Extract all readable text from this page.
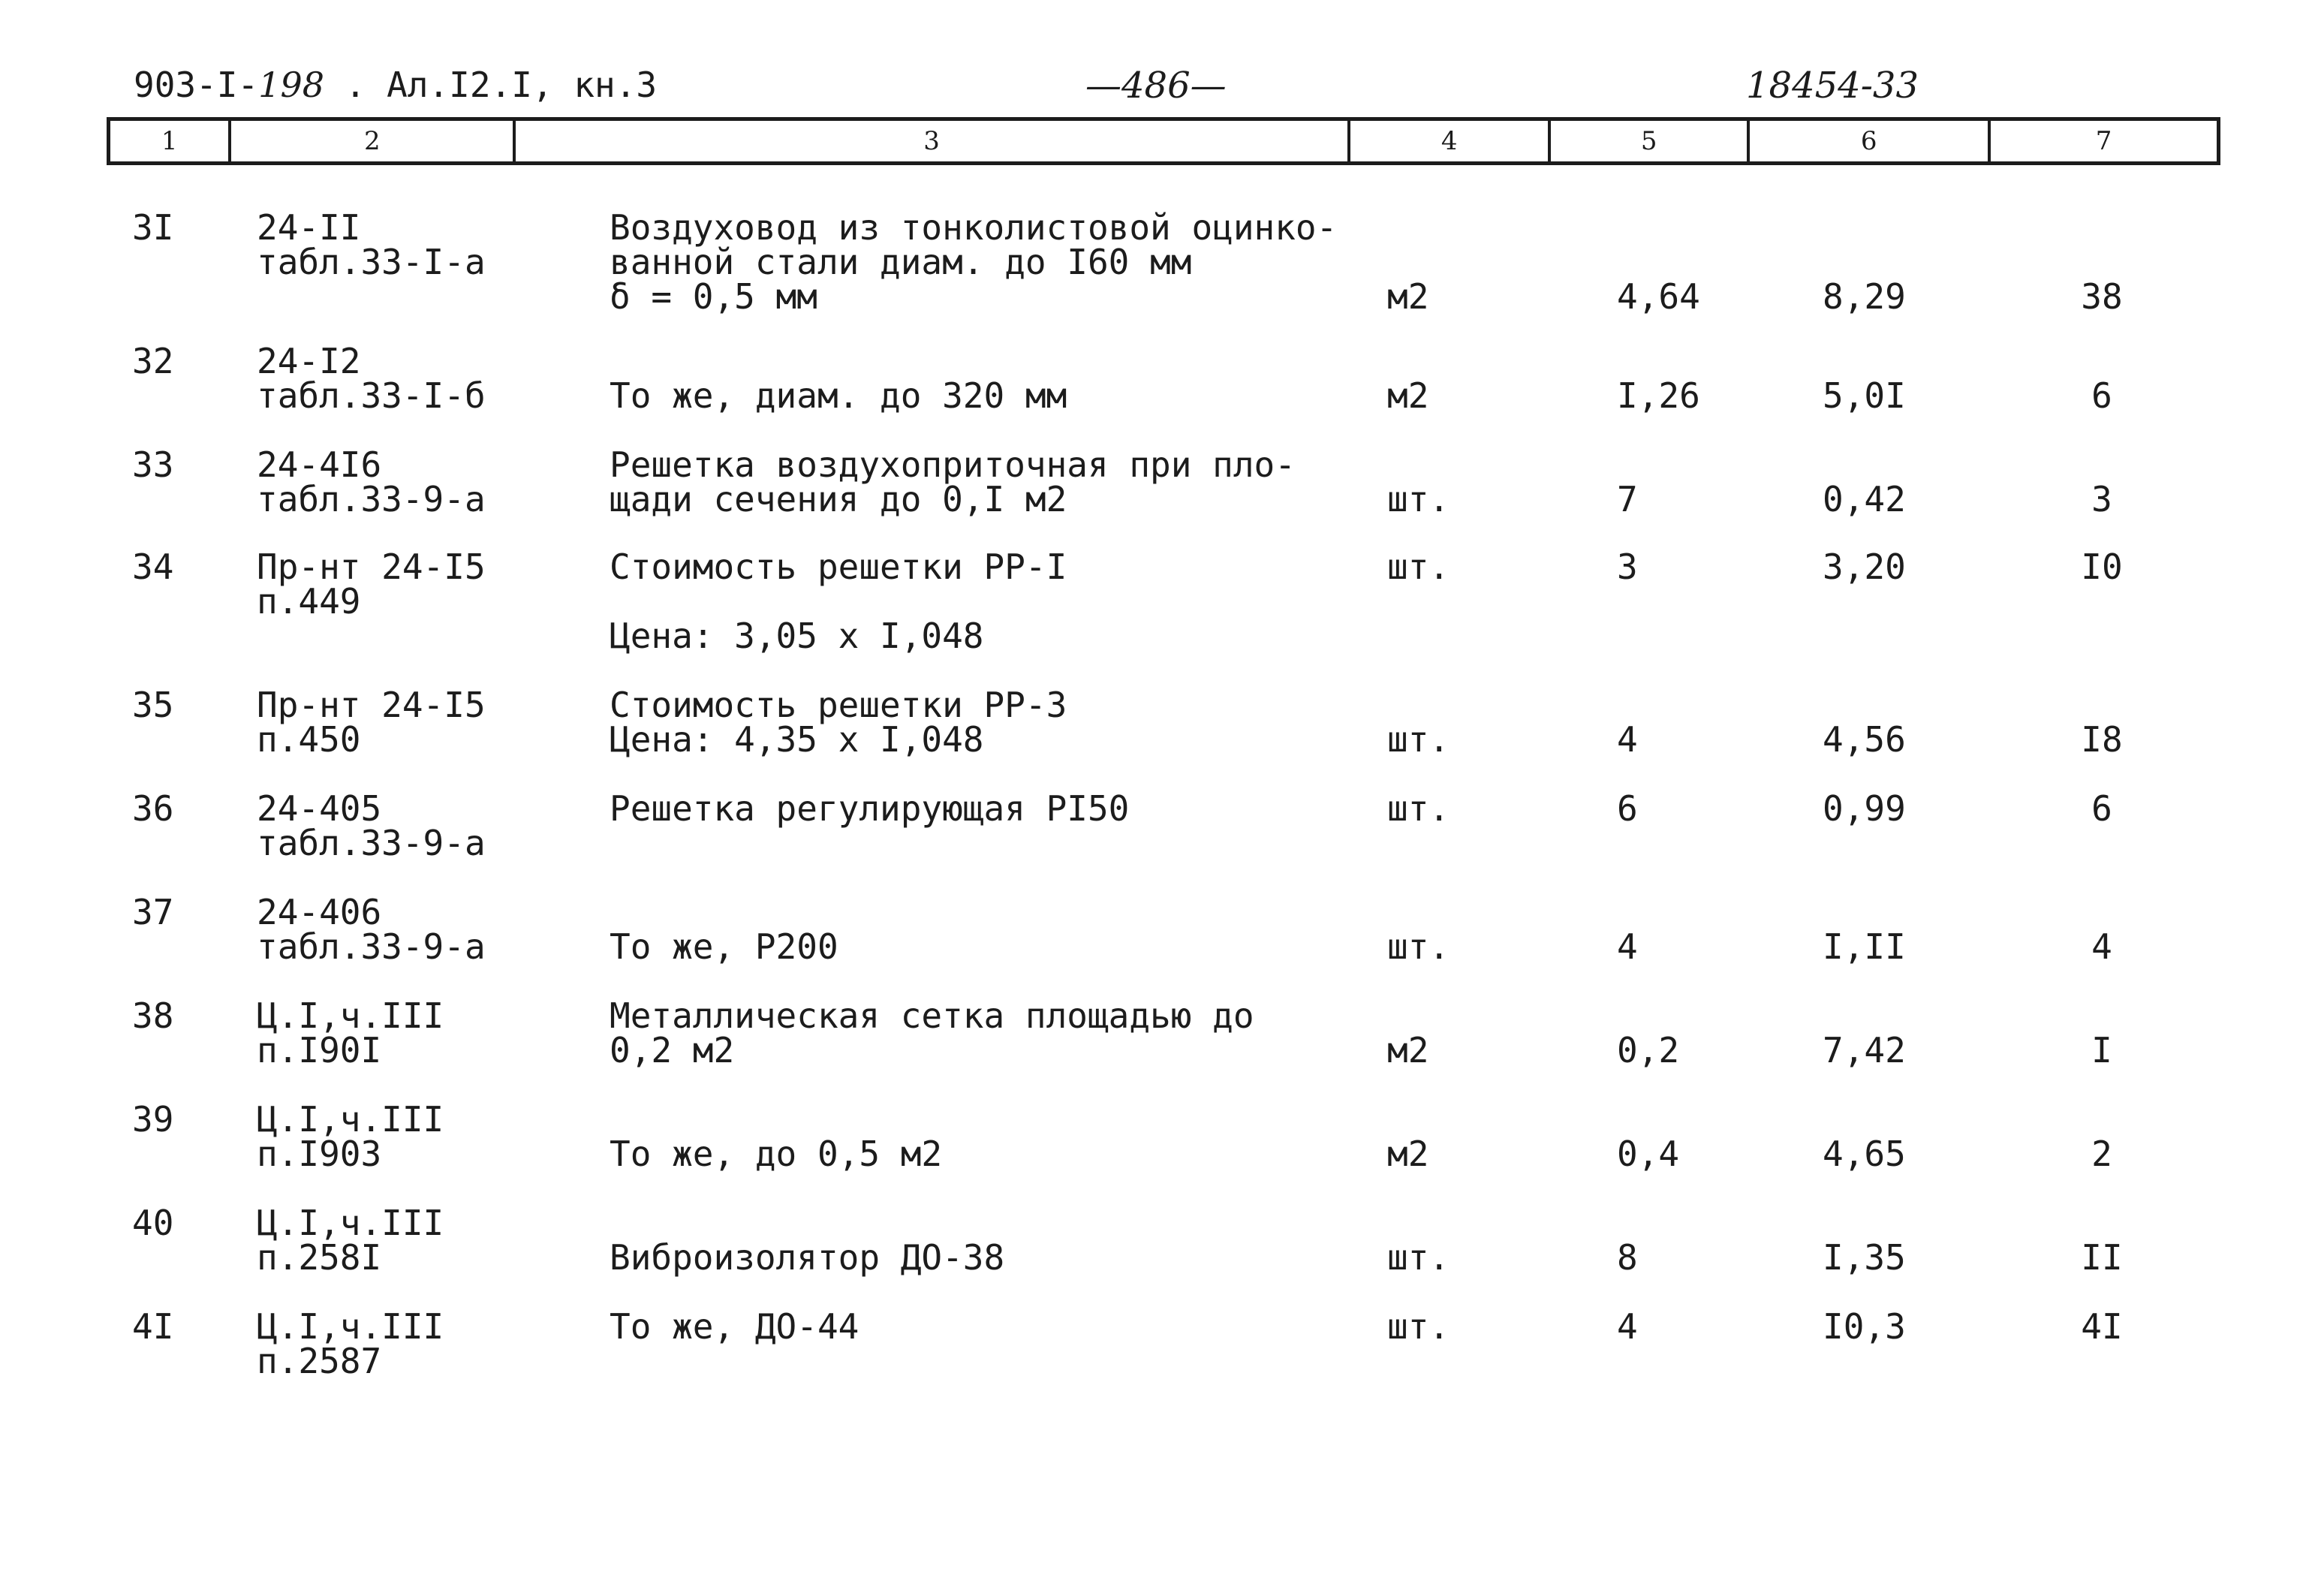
903-I-198 . Ал.I2.I, кн.3	—486—	18454-33
1	2	3	4	5	6	7
3I 24-II
табл.33-I-а
Воздуховод из тонколистовой оцинко-
ванной стали диам. до I60 мм
δ = 0,5 мм	м2	4,64	8,29	38
32 24-I2
табл.33-I-б	То же, диам. до 320 мм	м2	I,26	5,0I	6
33 24-4I6
табл.33-9-а
Решетка воздухоприточная при пло-
щади сечения до 0,I м2	шт.	7	0,42	3
34 Пр-нт 24-I5
п.449
Стоимость решетки РР-I
Цена: 3,05 х I,048
шт.	3	3,20	I0
35 Пр-нт 24-I5
п.450
Стоимость решетки РР-3
Цена: 4,35 х I,048	шт.	4	4,56	I8
36 24-405
табл.33-9-а
Решетка регулирующая РI50	шт.	6	0,99	6
37 24-406
табл.33-9-а	То же, Р200	шт.	4	I,II	4
38 Ц.I,ч.III
п.I90I
Металлическая сетка площадью до
0,2 м2	м2	0,2	7,42	I
39 Ц.I,ч.III
п.I903	То же, до 0,5 м2	м2	0,4	4,65	2
40 Ц.I,ч.III
п.258I	Виброизолятор ДО-38	шт.	8	I,35	II
4I Ц.I,ч.III
п.2587
То же, ДО-44	шт.	4	I0,3	4I
